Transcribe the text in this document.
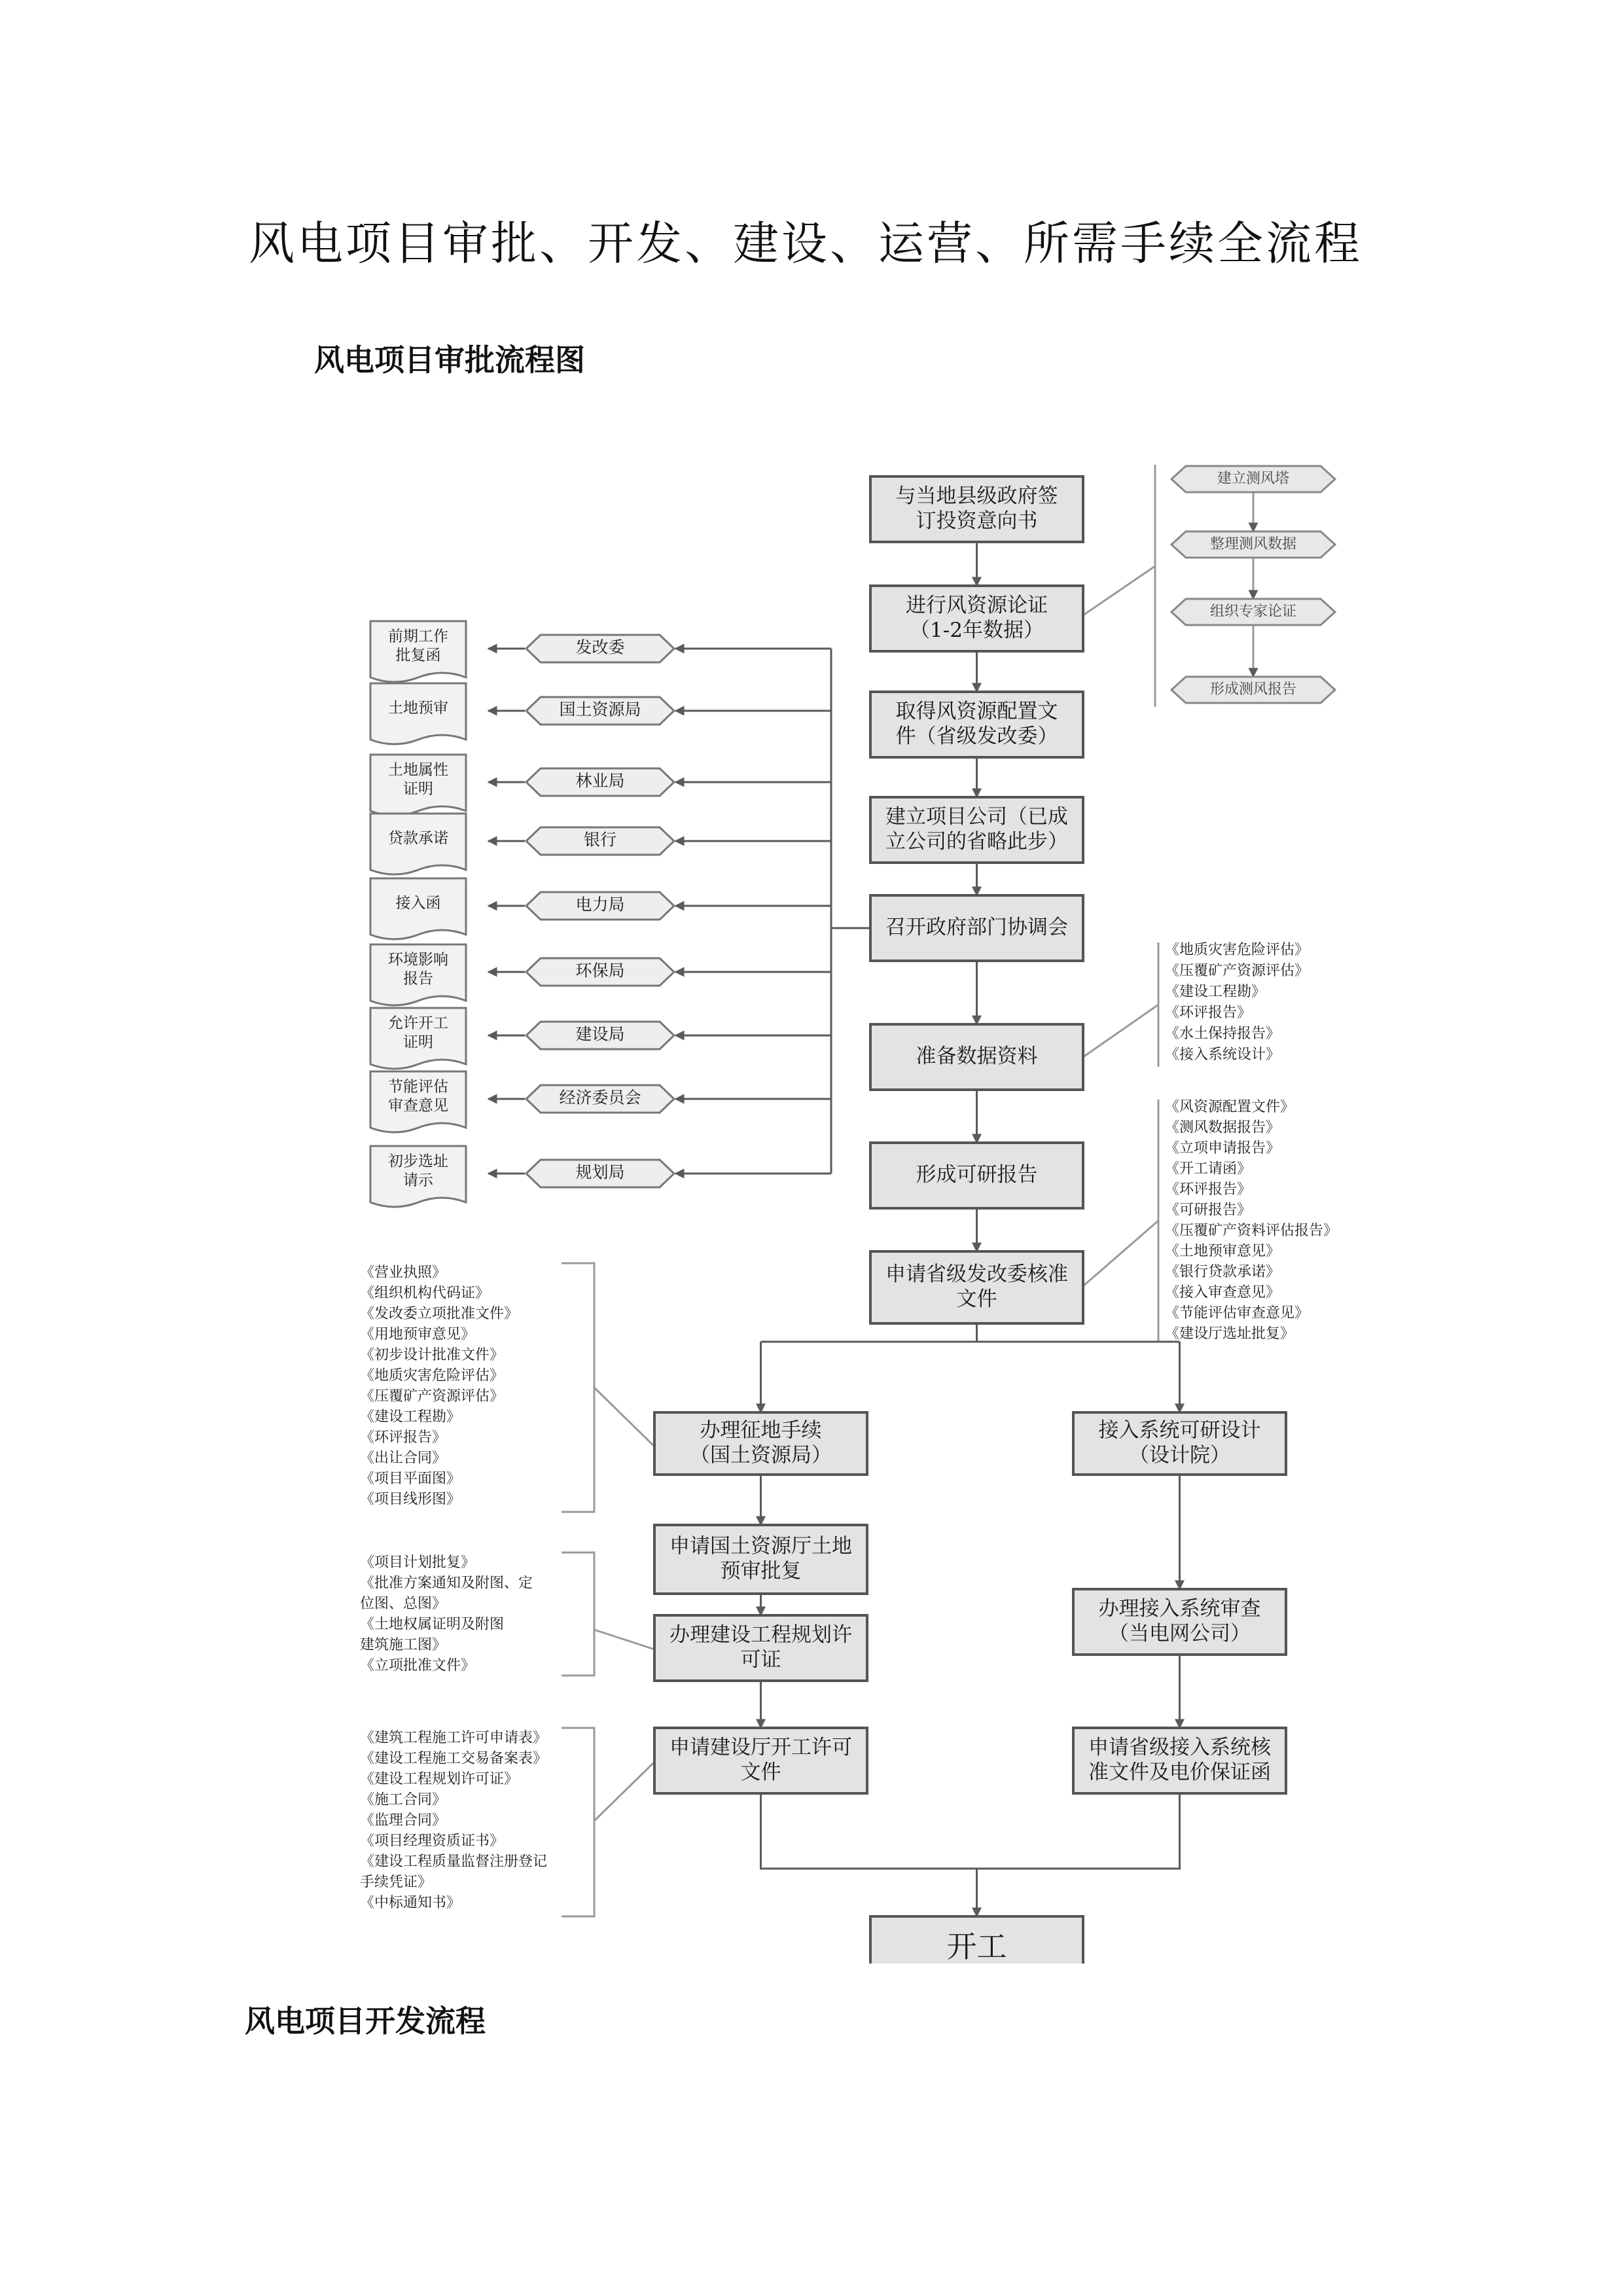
风电项目审批、开发、建设、运营、所需手续全流程
风电项目审批流程图
与当地县级政府签订投资意向书
进行风资源论证（1-2年数据）
取得风资源配置文件（省级发改委）
建立项目公司（已成立公司的省略此步）
召开政府部门协调会
准备数据资料
形成可研报告
申请省级发改委核准文件
建立测风塔
整理测风数据
组织专家论证
形成测风报告
发改委
前期工作批复函
国土资源局
土地预审
林业局
土地属性证明
银行
贷款承诺
电力局
接入函
环保局
环境影响报告
建设局
允许开工证明
经济委员会
节能评估审查意见
规划局
初步选址请示
《地质灾害危险评估》
《压覆矿产资源评估》
《建设工程勘》
《环评报告》
《水土保持报告》
《接入系统设计》
《风资源配置文件》
《测风数据报告》
《立项申请报告》
《开工请函》
《环评报告》
《可研报告》
《压覆矿产资料评估报告》
《土地预审意见》
《银行贷款承诺》
《接入审查意见》
《节能评估审查意见》
《建设厅选址批复》
办理征地手续（国土资源局）
申请国土资源厅土地预审批复
办理建设工程规划许可证
申请建设厅开工许可文件
接入系统可研设计（设计院）
办理接入系统审查（当电网公司）
申请省级接入系统核准文件及电价保证函
开工
《营业执照》
《组织机构代码证》
《发改委立项批准文件》
《用地预审意见》
《初步设计批准文件》
《地质灾害危险评估》
《压覆矿产资源评估》
《建设工程勘》
《环评报告》
《出让合同》
《项目平面图》
《项目线形图》
《项目计划批复》
《批准方案通知及附图、定
位图、总图》
《土地权属证明及附图
建筑施工图》
《立项批准文件》
《建筑工程施工许可申请表》
《建设工程施工交易备案表》
《建设工程规划许可证》
《施工合同》
《监理合同》
《项目经理资质证书》
《建设工程质量监督注册登记
手续凭证》
《中标通知书》
风电项目开发流程
